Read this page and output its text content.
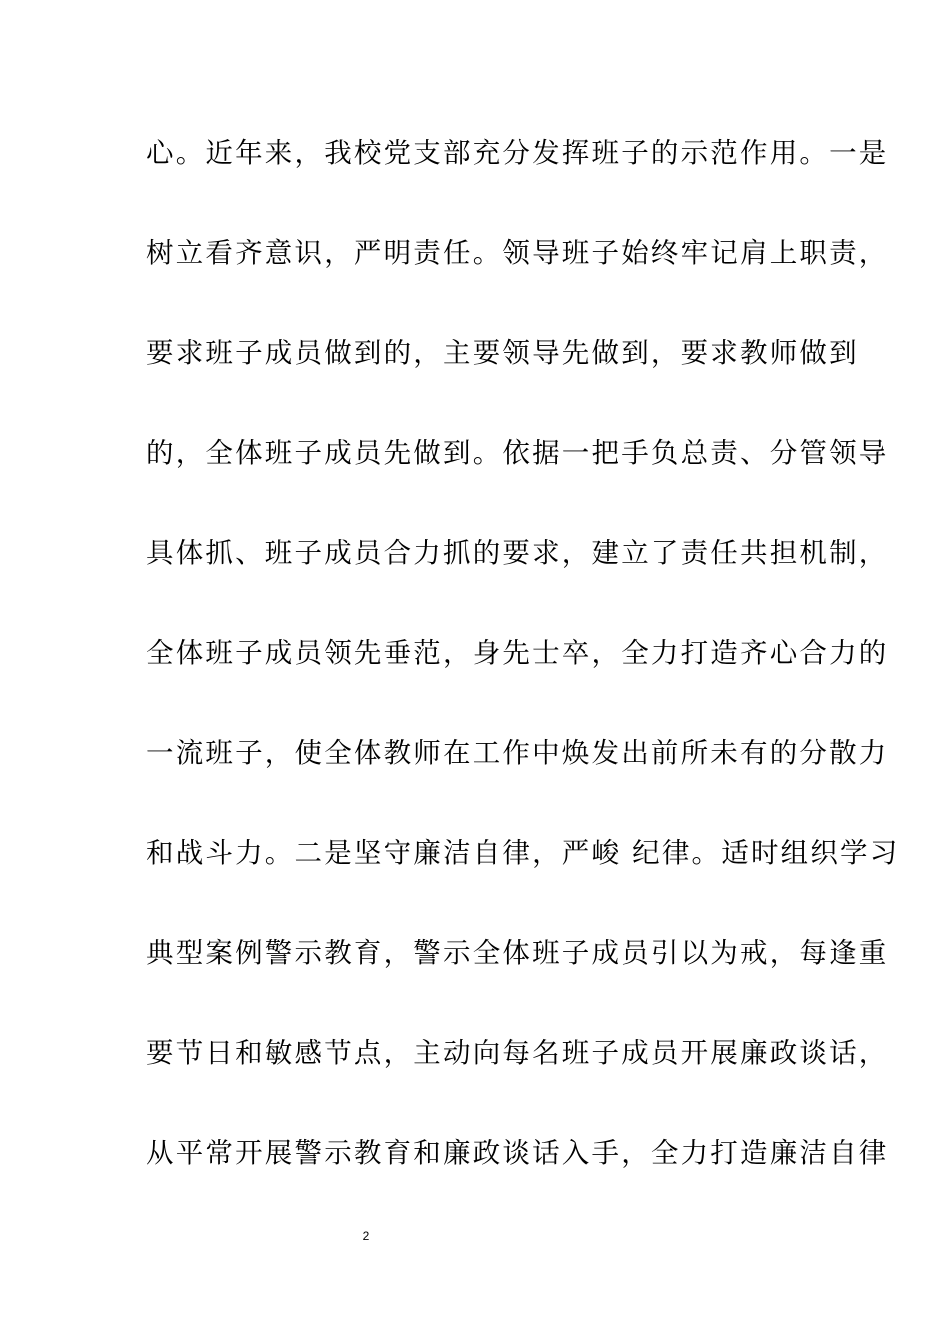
心。近年来，我校党支部充分发挥班子的示范作用。一是
树立看齐意识，严明责任。领导班子始终牢记肩上职责，
要求班子成员做到的，主要领导先做到，要求教师做到
的，全体班子成员先做到。依据一把手负总责、分管领导
具体抓、班子成员合力抓的要求，建立了责任共担机制，
全体班子成员领先垂范，身先士卒，全力打造齐心合力的
一流班子，使全体教师在工作中焕发出前所未有的分散力
和战斗力。二是坚守廉洁自律，严峻 纪律。适时组织学习
典型案例警示教育，警示全体班子成员引以为戒，每逢重
要节日和敏感节点，主动向每名班子成员开展廉政谈话，
从平常开展警示教育和廉政谈话入手，全力打造廉洁自律
2
